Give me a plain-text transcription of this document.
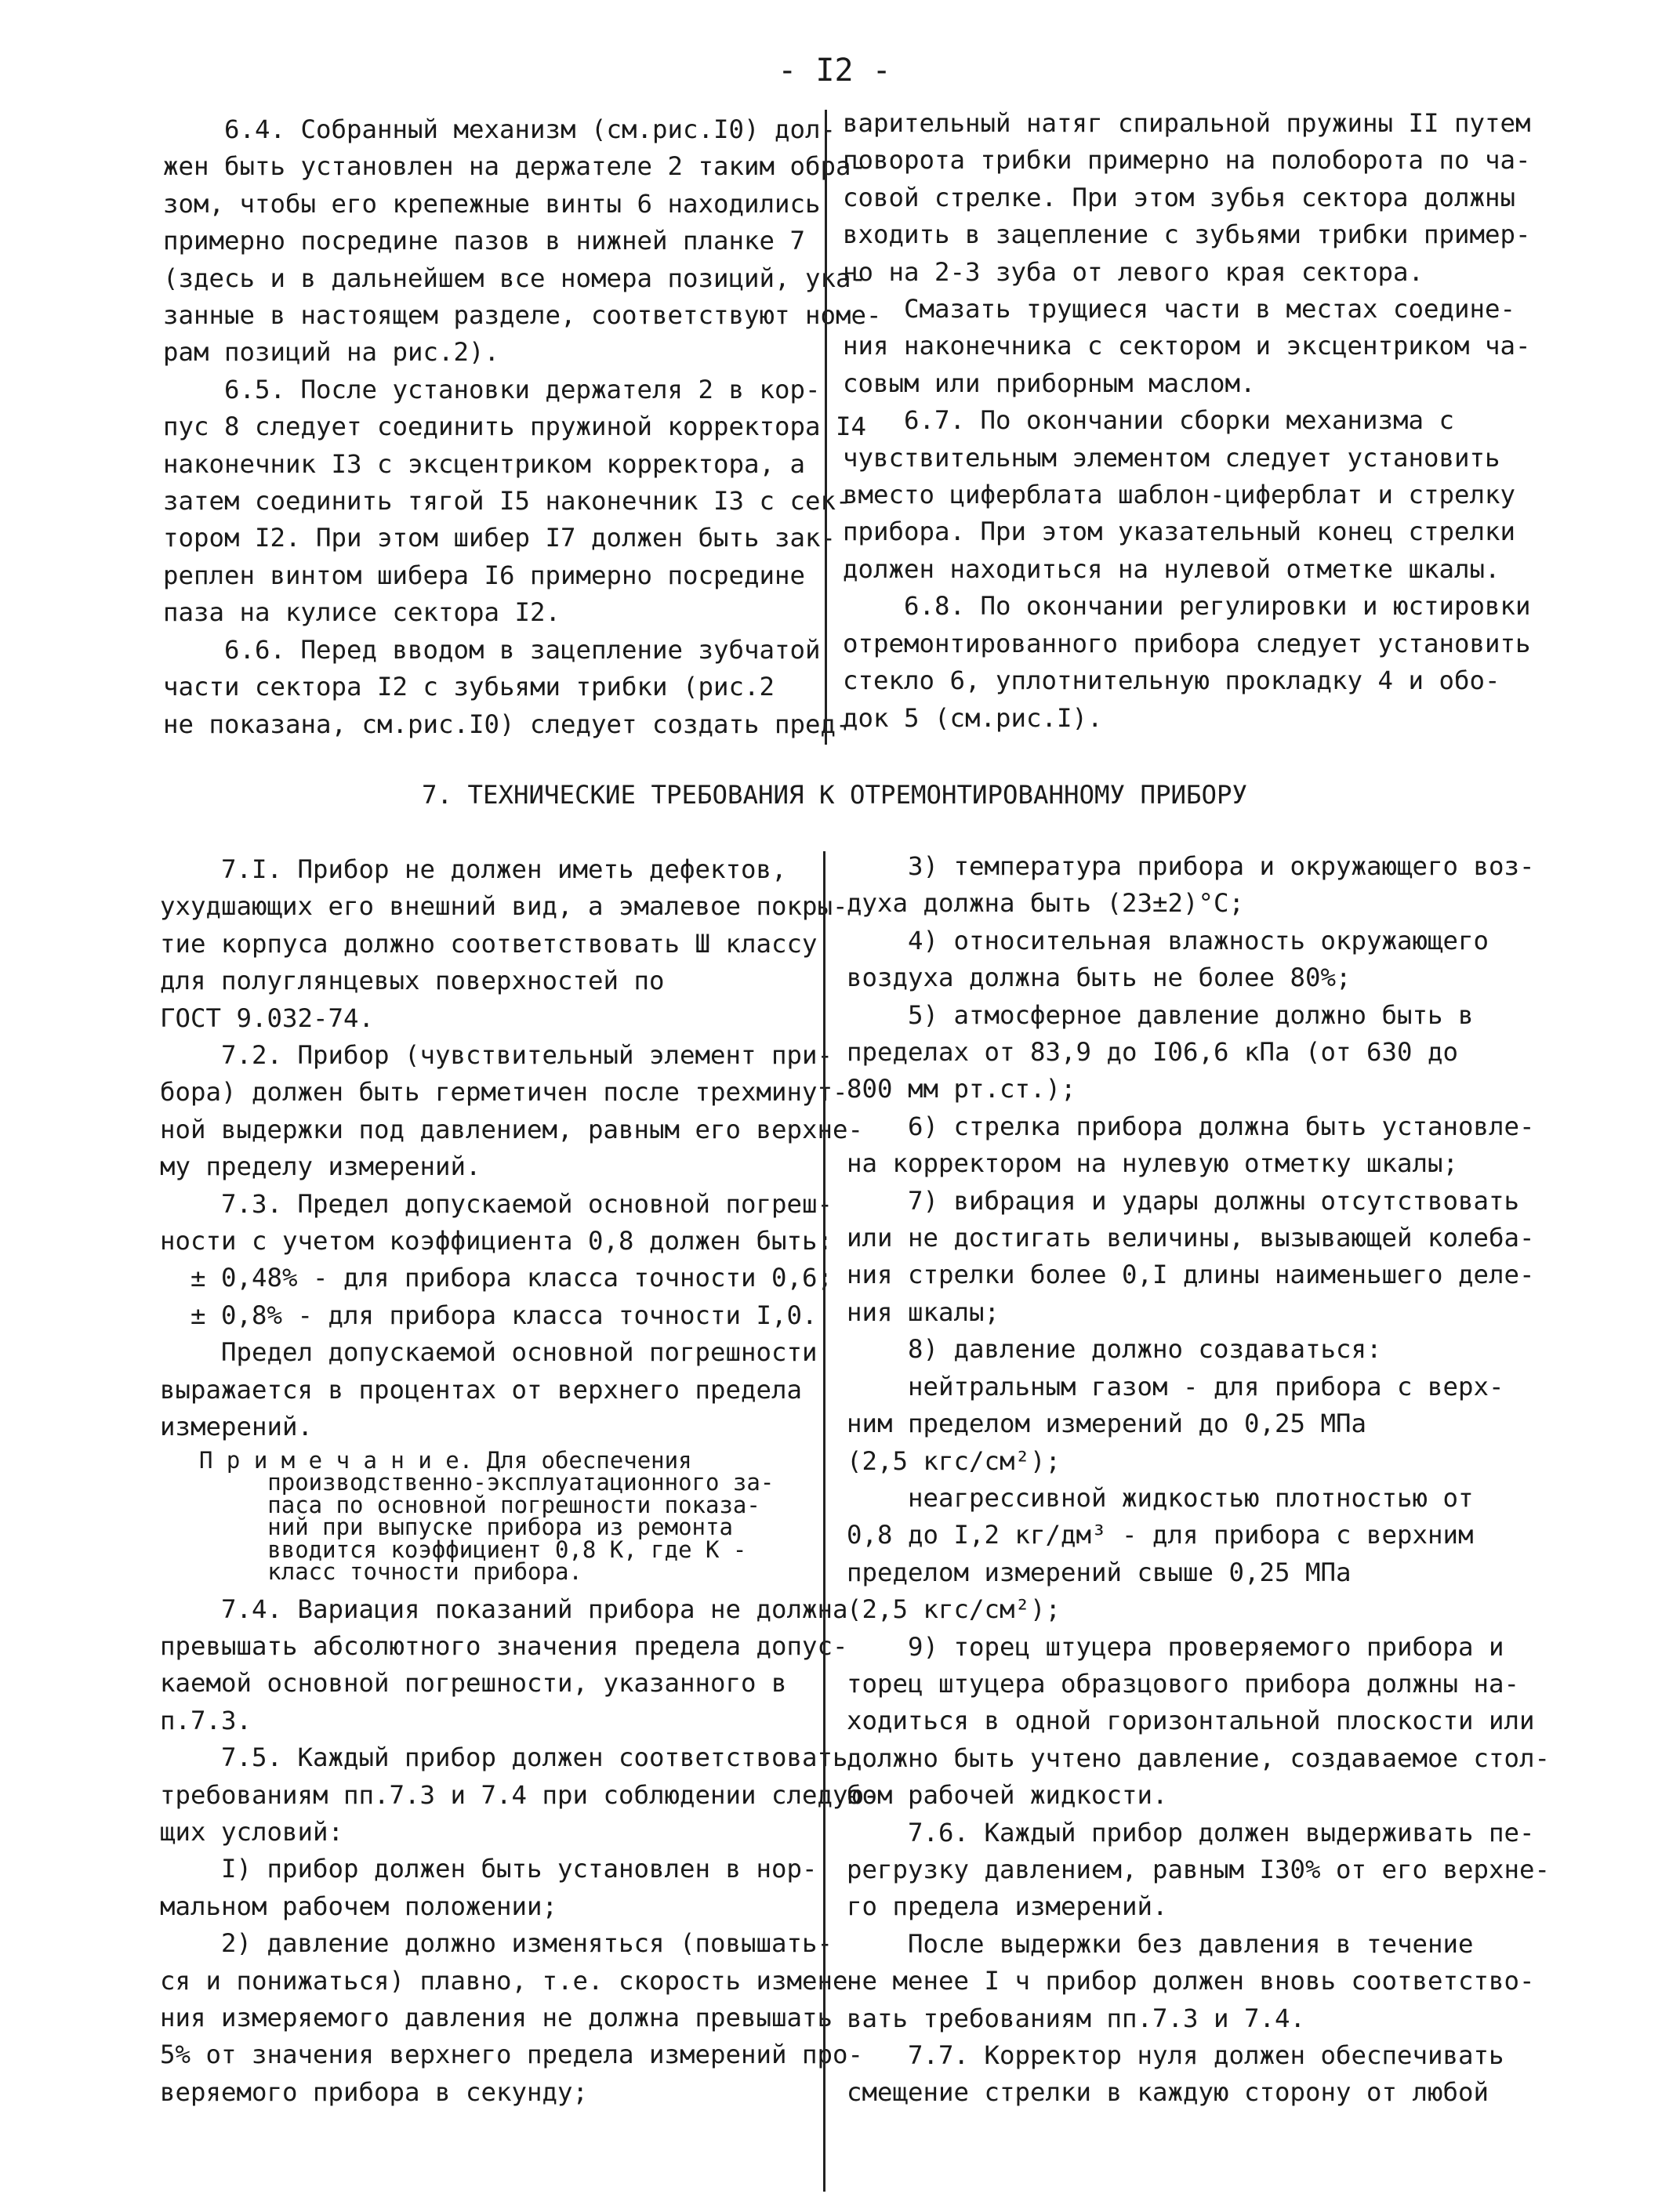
- I2 -

6.4. Собранный механизм (см.рис.I0) дол-

жен быть установлен на держателе 2 таким обра-

зом, чтобы его крепежные винты 6 находились

примерно посредине пазов в нижней планке 7

(здесь и в дальнейшем все номера позиций, ука-

занные в настоящем разделе, соответствуют номе-

рам позиций на рис.2).

6.5. После установки держателя 2 в кор-

пус 8 следует соединить пружиной корректора I4

наконечник I3 с эксцентриком корректора, а

затем соединить тягой I5 наконечник I3 с сек-

тором I2. При этом шибер I7 должен быть зак-

реплен винтом шибера I6 примерно посредине

паза на кулисе сектора I2.

6.6. Перед вводом в зацепление зубчатой

части сектора I2 с зубьями трибки (рис.2

не показана, см.рис.I0) следует создать пред-

варительный натяг спиральной пружины II путем

поворота трибки примерно на полоборота по ча-

совой стрелке. При этом зубья сектора должны

входить в зацепление с зубьями трибки пример-

но на 2-3 зуба от левого края сектора.

Смазать трущиеся части в местах соедине-

ния наконечника с сектором и эксцентриком ча-

совым или приборным маслом.

6.7. По окончании сборки механизма с

чувствительным элементом следует установить

вместо циферблата шаблон-циферблат и стрелку

прибора. При этом указательный конец стрелки

должен находиться на нулевой отметке шкалы.

6.8. По окончании регулировки и юстировки

отремонтированного прибора следует установить

стекло 6, уплотнительную прокладку 4 и обо-

док 5 (см.рис.I).

7. ТЕХНИЧЕСКИЕ ТРЕБОВАНИЯ К ОТРЕМОНТИРОВАННОМУ ПРИБОРУ

7.I. Прибор не должен иметь дефектов,

ухудшающих его внешний вид, а эмалевое покры-

тие корпуса должно соответствовать Ш классу

для полуглянцевых поверхностей по

ГОСТ 9.032-74.

7.2. Прибор (чувствительный элемент при-

бора) должен быть герметичен после трехминут-

ной выдержки под давлением, равным его верхне-

му пределу измерений.

7.3. Предел допускаемой основной погреш-

ности с учетом коэффициента 0,8 должен быть:

± 0,48% - для прибора класса точности 0,6;

± 0,8% - для прибора класса точности I,0.

Предел допускаемой основной погрешности

выражается в процентах от верхнего предела

измерений.

П р и м е ч а н и е. Для обеспечения

производственно-эксплуатационного за-

паса по основной погрешности показа-

ний при выпуске прибора из ремонта

вводится коэффициент 0,8 К, где К -

класс точности прибора.

7.4. Вариация показаний прибора не должна

превышать абсолютного значения предела допус-

каемой основной погрешности, указанного в

п.7.3.

7.5. Каждый прибор должен соответствовать

требованиям пп.7.3 и 7.4 при соблюдении следую-

щих условий:

I) прибор должен быть установлен в нор-

мальном рабочем положении;

2) давление должно изменяться (повышать-

ся и понижаться) плавно, т.е. скорость измене-

ния измеряемого давления не должна превышать

5% от значения верхнего предела измерений про-

веряемого прибора в секунду;

3) температура прибора и окружающего воз-

духа должна быть (23±2)°С;

4) относительная влажность окружающего

воздуха должна быть не более 80%;

5) атмосферное давление должно быть в

пределах от 83,9 до I06,6 кПа (от 630 до

800 мм рт.ст.);

6) стрелка прибора должна быть установле-

на корректором на нулевую отметку шкалы;

7) вибрация и удары должны отсутствовать

или не достигать величины, вызывающей колеба-

ния стрелки более 0,I длины наименьшего деле-

ния шкалы;

8) давление должно создаваться:

нейтральным газом - для прибора с верх-

ним пределом измерений до 0,25 МПа

(2,5 кгс/см²);

неагрессивной жидкостью плотностью от

0,8 до I,2 кг/дм³ - для прибора с верхним

пределом измерений свыше 0,25 МПа

(2,5 кгс/см²);

9) торец штуцера проверяемого прибора и

торец штуцера образцового прибора должны на-

ходиться в одной горизонтальной плоскости или

должно быть учтено давление, создаваемое стол-

бом рабочей жидкости.

7.6. Каждый прибор должен выдерживать пе-

регрузку давлением, равным I30% от его верхне-

го предела измерений.

После выдержки без давления в течение

не менее I ч прибор должен вновь соответство-

вать требованиям пп.7.3 и 7.4.

7.7. Корректор нуля должен обеспечивать

смещение стрелки в каждую сторону от любой
